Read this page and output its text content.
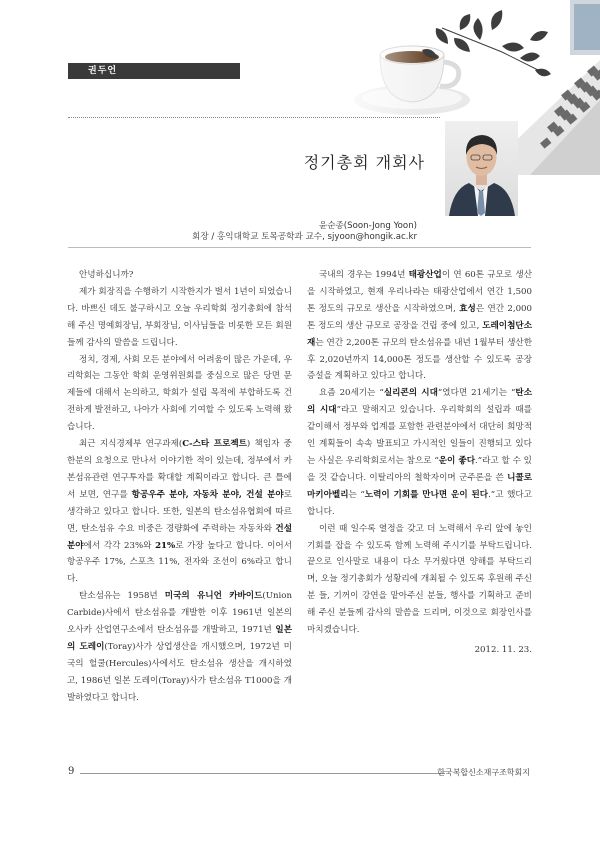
권두언
정기총회 개회사
윤순종(Soon-Jong Yoon)
회장 / 홍익대학교 토목공학과 교수, sjyoon@hongik.ac.kr

안녕하십니까?

제가 회장직을 수행하기 시작한지가 벌서 1년이 되었습니다. 바쁘신 데도 불구하시고 오늘 우리학회 정기총회에 참석해 주신 명예회장님, 부회장님, 이사님들을 비롯한 모든 회원들께 감사의 말씀을 드립니다.

정치, 경제, 사회 모든 분야에서 어려움이 많은 가운데, 우리학회는 그동안 학회 운영위원회를 중심으로 많은 당면 문제들에 대해서 논의하고, 학회가 설립 목적에 부합하도록 건전하게 발전하고, 나아가 사회에 기여할 수 있도록 노력해 왔습니다.

최근 지식경제부 연구과제(C-스타 프로젝트) 책임자 중 한분의 요청으로 만나서 이야기한 적이 있는데, 정부에서 카본섬유관련 연구투자를 확대할 계획이라고 합니다. 큰 틀에서 보면, 연구를 항공우주 분야, 자동차 분야, 건설 분야로 생각하고 있다고 합니다. 또한, 일본의 탄소섬유협회에 따르면, 탄소섬유 수요 비중은 경량화에 주력하는 자동차와 건설 분야에서 각각 23%와 21%로 가장 높다고 합니다. 이어서 항공우주 17%, 스포츠 11%, 전자와 조선이 6%라고 합니다.

탄소섬유는 1958년 미국의 유니언 카바이드(Union Carbide)사에서 탄소섬유를 개발한 이후 1961년 일본의 오사카 산업연구소에서 탄소섬유를 개발하고, 1971년 일본의 도레이(Toray)사가 상업생산을 개시했으며, 1972년 미국의 헐쿨(Hercules)사에서도 탄소섬유 생산을 개시하였고, 1986년 일본 도레이(Toray)사가 탄소섬유 T1000을 개발하였다고 합니다.

국내의 경우는 1994년 태광산업이 연 60톤 규모로 생산을 시작하였고, 현재 우리나라는 태광산업에서 연간 1,500톤 정도의 규모로 생산을 시작하였으며, 효성은 연간 2,000톤 정도의 생산 규모로 공장을 건립 중에 있고, 도레이첨단소재는 연간 2,200톤 규모의 탄소섬유를 내년 1월부터 생산한 후 2,020년까지 14,000톤 정도를 생산할 수 있도록 공장 증설을 계획하고 있다고 합니다.

요즘 20세기는 “실리콘의 시대”였다면 21세기는 “탄소의 시대”라고 말해지고 있습니다. 우리학회의 설립과 때를 같이해서 정부와 업계를 포함한 관련분야에서 대단히 희망적인 계획들이 속속 발표되고 가시적인 일들이 진행되고 있다는 사실은 우리학회로서는 참으로 “운이 좋다.”라고 할 수 있을 것 같습니다. 이탈리아의 철학자이며 군주론을 쓴 니콜로 마키아벨리는 “노력이 기회를 만나면 운이 된다.”고 했다고 합니다.

이런 때 일수록 열정을 갖고 더 노력해서 우리 앞에 놓인 기회를 잡을 수 있도록 함께 노력해 주시기를 부탁드립니다. 끝으로 인사말로 내용이 다소 무거웠다면 양해를 부탁드리며, 오늘 정기총회가 성황리에 개최될 수 있도록 후원해 주신 분 들, 기꺼이 강연을 맡아주신 분들, 행사를 기획하고 준비해 주신 분들께 감사의 말씀을 드리며, 이것으로 회장인사를 마치겠습니다.

2012. 11. 23.

9	한국복합신소재구조학회지
